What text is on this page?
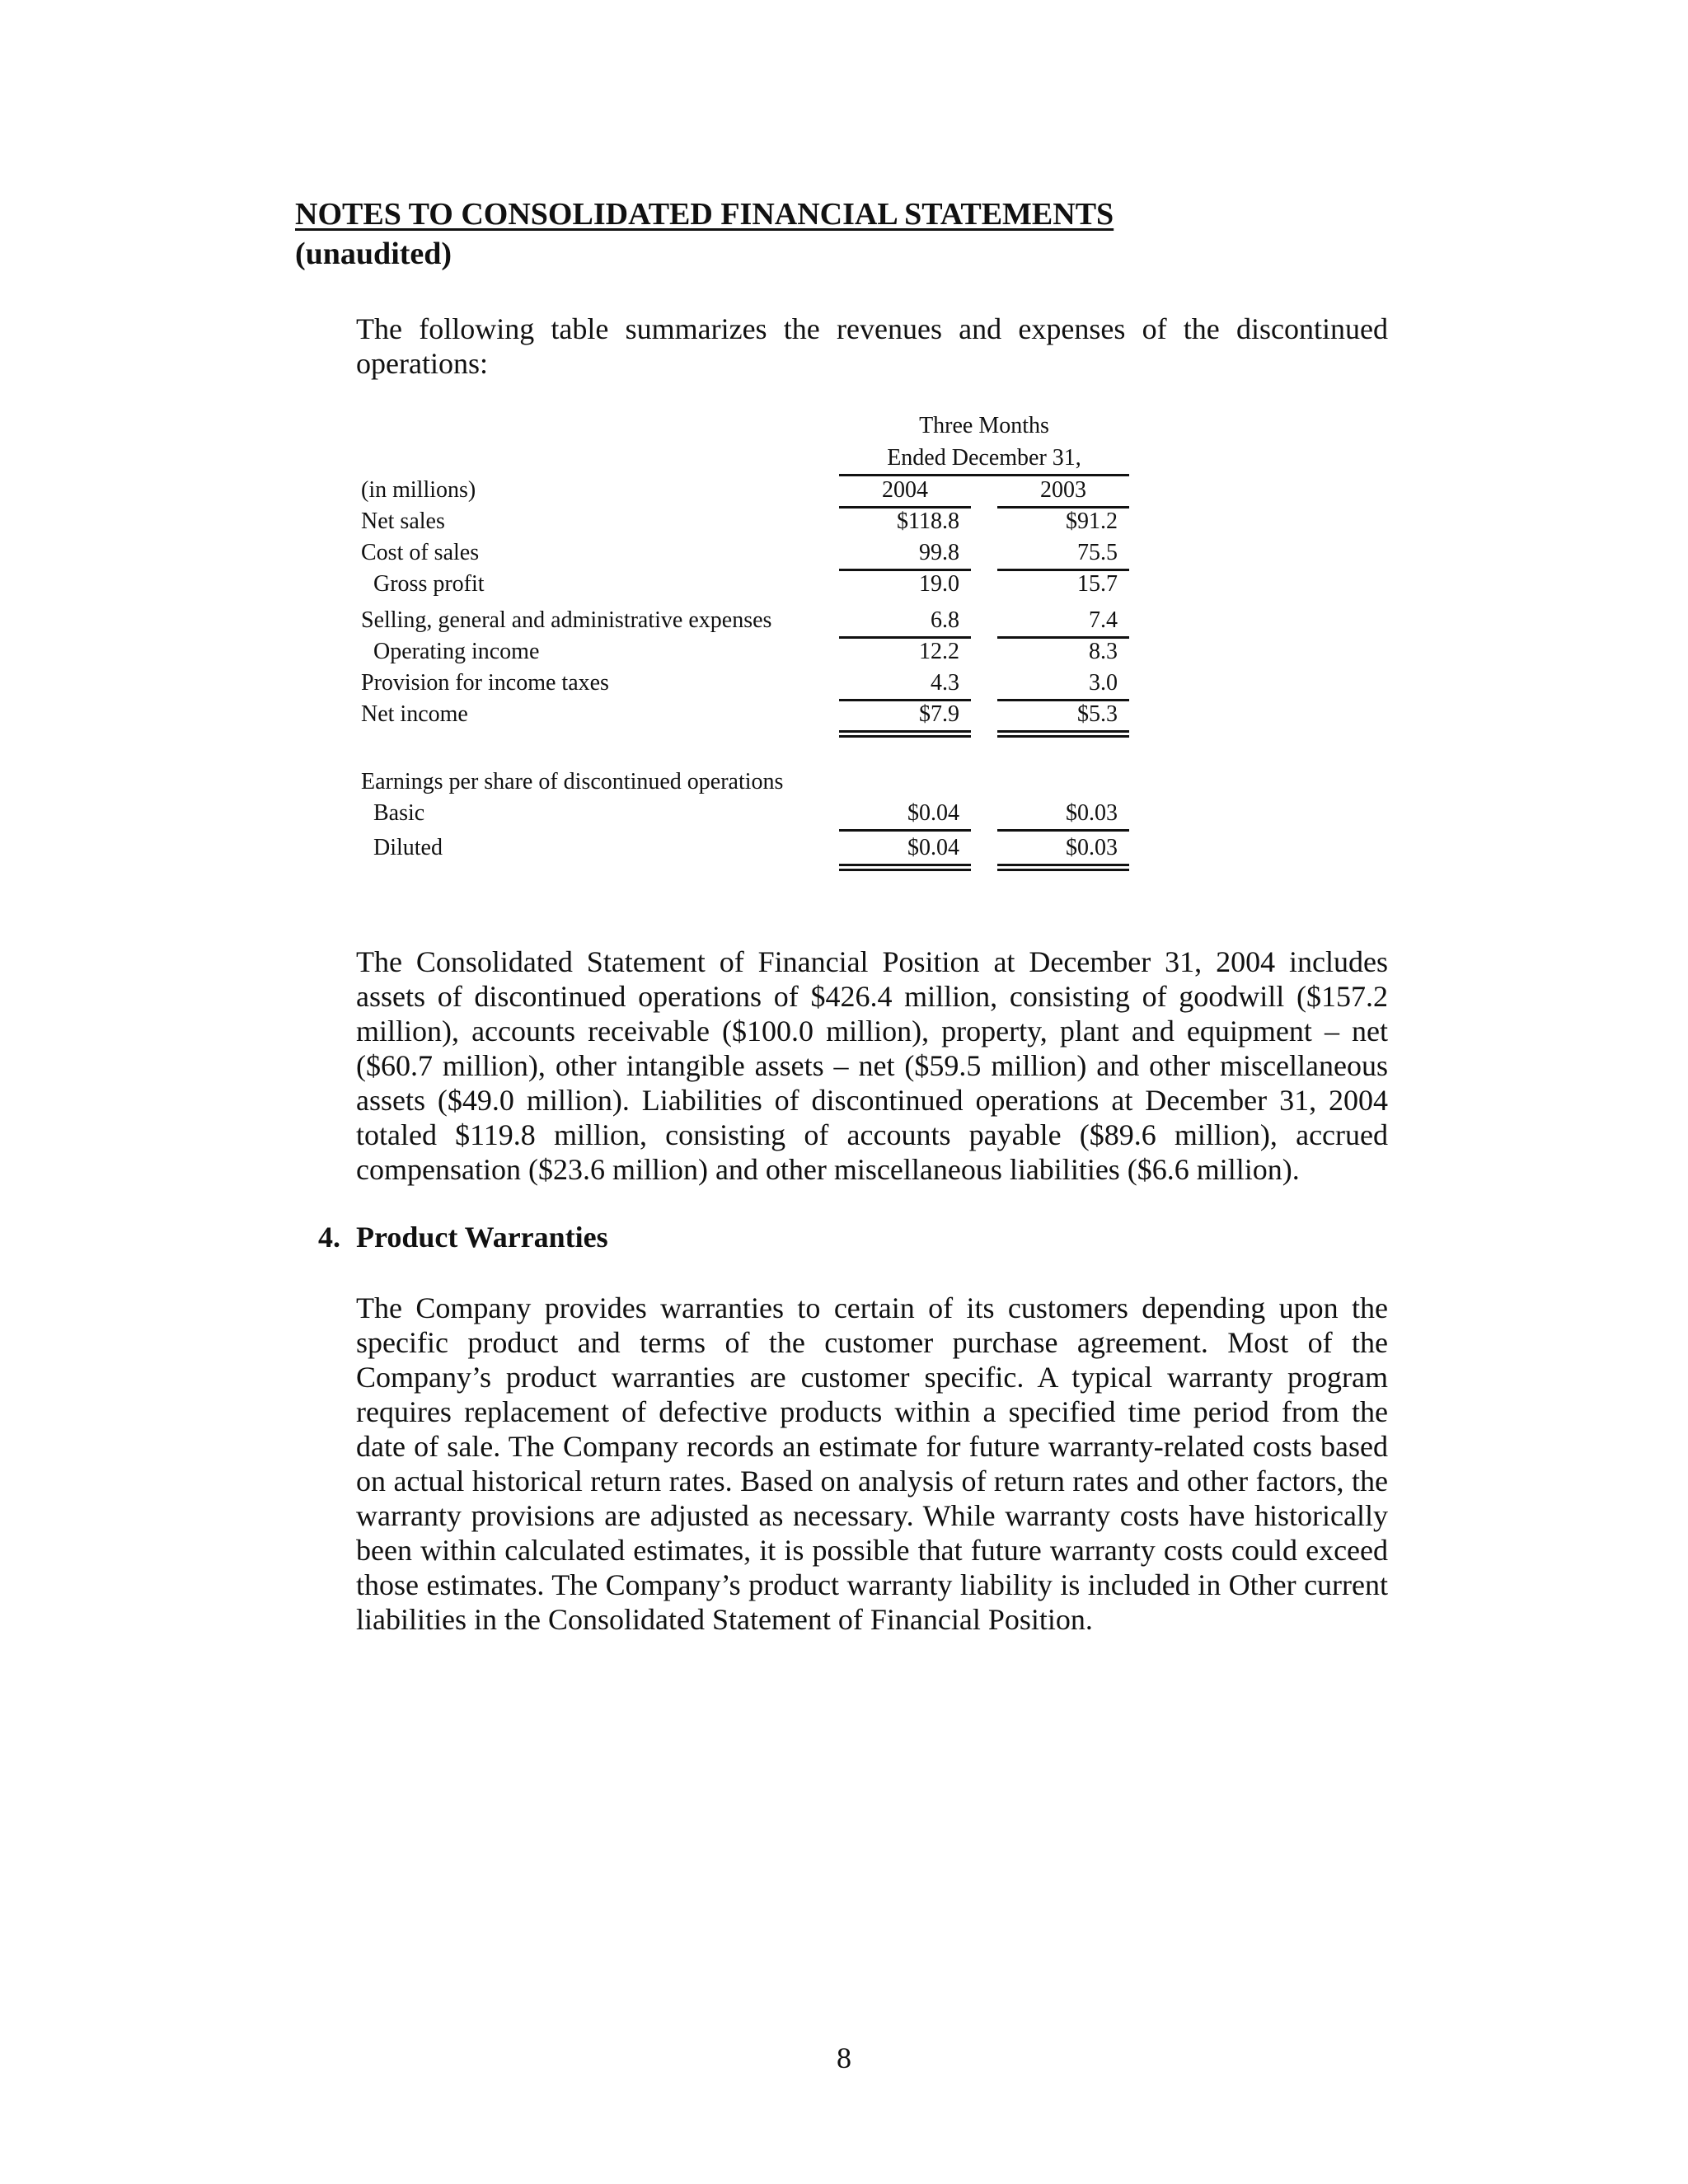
NOTES TO CONSOLIDATED FINANCIAL STATEMENTS
(unaudited)

The following table summarizes the revenues and expenses of the discontinued operations:

Three Months
Ended December 31,
(in millions)	2004	2003
Net sales	$118.8	$91.2
Cost of sales	99.8	75.5
Gross profit	19.0	15.7
Selling, general and administrative expenses	6.8	7.4
Operating income	12.2	8.3
Provision for income taxes	4.3	3.0
Net income	$7.9	$5.3
Earnings per share of discontinued operations
Basic	$0.04	$0.03
Diluted	$0.04	$0.03

The Consolidated Statement of Financial Position at December 31, 2004 includes assets of discontinued operations of $426.4 million, consisting of goodwill ($157.2 million), accounts receivable ($100.0 million), property, plant and equipment – net ($60.7 million), other intangible assets – net ($59.5 million) and other miscellaneous assets ($49.0 million). Liabilities of discontinued operations at December 31, 2004 totaled $119.8 million, consisting of accounts payable ($89.6 million), accrued compensation ($23.6 million) and other miscellaneous liabilities ($6.6 million).

4. Product Warranties

The Company provides warranties to certain of its customers depending upon the specific product and terms of the customer purchase agreement. Most of the Company’s product warranties are customer specific. A typical warranty program requires replacement of defective products within a specified time period from the date of sale. The Company records an estimate for future warranty-related costs based on actual historical return rates. Based on analysis of return rates and other factors, the warranty provisions are adjusted as necessary. While warranty costs have historically been within calculated estimates, it is possible that future warranty costs could exceed those estimates. The Company’s product warranty liability is included in Other current liabilities in the Consolidated Statement of Financial Position.

8
